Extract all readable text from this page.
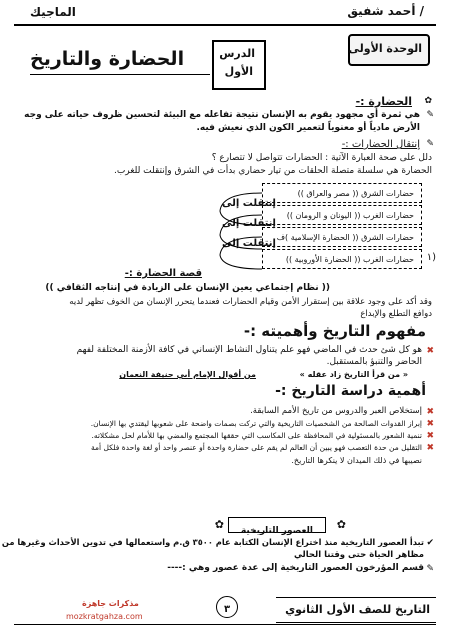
الماجيك	/ أحمد شفيق
الوحدة الأولى
الدرس
الأول
الحضارة والتاريخ
الحضارة :- ✿
✎
هي ثمرة أي مجهود يقوم به الإنسان نتيجة تفاعله مع البيئة لتحسين ظروف حياته على وجه
الأرض مادياً أو معنوياً لتعمير الكون الذي نعيش فيه.
إنتقال الحضارات :- ✎
دلل على صحة العبارة الآتية : الحضارات تتواصل لا تتصارع ؟
الحضارة هي سلسلة متصلة الحلقات من تيار حضاري بدأت في الشرق وإنتقلت للغرب.
حضارات الشرق (( مصر والعراق ))
حضارات الغرب (( اليونان و الرومان ))
حضارات الشرق (( الحضارة الإسلامية )ف
حضارات الغرب (( الحضارة الأوروبية )) (١
إنتقلت إلى
إنتقلت إلى
إنتقلت إلى
قصة الحضارة :-
(( نظام إجتماعي يعين الإنسان على الزيادة في إنتاجه الثقافي ))
وقد أكد على وجود علاقة بين إستقرار الأمن وقيام الحضارات فعندما يتحرر الإنسان من الخوف تظهر لديه
دوافع التطلع والإبداع
مفهوم التاريخ وأهميته :-
✖
هو كل شئ حدث في الماضي فهو علم يتناول النشاط الإنساني في كافة الأزمنة المختلفة لفهم
الحاضر والتنبؤ بالمستقبل.
من أقوال الإمام أبي حنيفة النعمان	« من قرأ التاريخ زاد عقله »
أهمية دراسة التاريخ :-
✖
إستخلاص العبر والدروس من تاريخ الأمم السابقة.
✖
إبراز القدوات الصالحة من الشخصيات التاريخية والتي تركت بصمات واضحة على شعوبها ليقتدي بها الإنسان.
✖
تنمية الشعور بالمسئولية في المحافظة على المكاسب التي حققها المجتمع والمضي بها للأمام لحل مشكلاته.
✖
التقليل من حدة التعصب فهو يبين أن العالم لم يقم على حضارة واحدة أو عنصر واحد أو لغة واحدة فلكل أمة
نصيبها في ذلك الميدان لا ينكرها التاريخ.
✿
العصور التاريخية
✿
✔
تبدأ العصور التاريخية منذ اختراع الإنسان الكتابة عام ٣٥٠٠ ق.م واستعمالها في تدوين الأحداث وغيرها من
مظاهر الحياة حتى وقتنا الحالي
✎
قسم المؤرخون العصور التاريخية إلى عدة عصور وهي :----
مذكرات جاهزة
mozkratgahza.com
٣	التاريخ للصف الأول الثانوي
